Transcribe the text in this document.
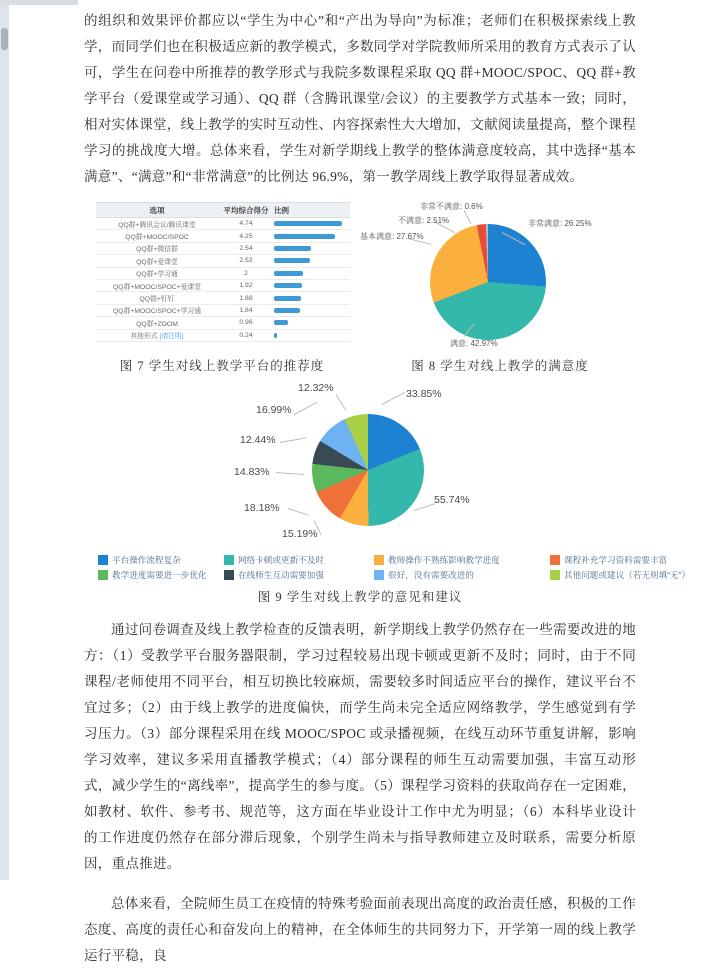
的组织和效果评价都应以“学生为中心”和“产出为导向”为标准；老师们在积极探索线上教学，而同学们也在积极适应新的教学模式，多数同学对学院教师所采用的教育方式表示了认可，学生在问卷中所推荐的教学形式与我院多数课程采取 QQ 群+MOOC/SPOC、QQ 群+教学平台（爱课堂或学习通）、QQ 群（含腾讯课堂/会议）的主要教学方式基本一致；同时，相对实体课堂，线上教学的实时互动性、内容探索性大大增加，文献阅读量提高，整个课程学习的挑战度大增。总体来看，学生对新学期线上教学的整体满意度较高，其中选择“基本满意”、“满意”和“非常满意”的比例达 96.9%，第一教学周线上教学取得显著成效。

选项	平均综合得分 比例
QQ群+腾讯会议/腾讯课堂	4.74
QQ群+MOOC/SPOC	4.25
QQ群+微信群	2.54
QQ群+爱课堂	2.52
QQ群+学习通	2
QQ群+MOOC/SPOC+爱课堂	1.92
QQ群+钉钉	1.88
QQ群+MOOC/SPOC+学习通	1.84
QQ群+ZOOM	0.96
其他形式 [请注明]	0.24
非常满意: 26.25%
满意: 42.97%
基本满意: 27.67%
不满意: 2.51%
非常不满意: 0.6%
图 7 学生对线上教学平台的推荐度	图 8 学生对线上教学的满意度
33.85%
55.74%
15.19%
18.18%
14.83%
12.44%
16.99%
12.32%
平台操作流程复杂	网络卡顿或更新不及时	教师操作不熟练影响教学进度	课程补充学习资料需要丰富
教学进度需要进一步优化	在线师生互动需要加强	很好，没有需要改进的	其他问题或建议（若无则填“无”）
图 9 学生对线上教学的意见和建议

通过问卷调查及线上教学检查的反馈表明，新学期线上教学仍然存在一些需要改进的地方：（1）受教学平台服务器限制，学习过程较易出现卡顿或更新不及时；同时，由于不同课程/老师使用不同平台，相互切换比较麻烦，需要较多时间适应平台的操作，建议平台不宜过多；（2）由于线上教学的进度偏快，而学生尚未完全适应网络教学，学生感觉到有学习压力。（3）部分课程采用在线 MOOC/SPOC 或录播视频，在线互动环节重复讲解，影响学习效率，建议多采用直播教学模式；（4）部分课程的师生互动需要加强，丰富互动形式，减少学生的“离线率”，提高学生的参与度。（5）课程学习资料的获取尚存在一定困难，如教材、软件、参考书、规范等，这方面在毕业设计工作中尤为明显；（6）本科毕业设计的工作进度仍然存在部分滞后现象，个别学生尚未与指导教师建立及时联系，需要分析原因，重点推进。

总体来看，全院师生员工在疫情的特殊考验面前表现出高度的政治责任感，积极的工作态度、高度的责任心和奋发向上的精神，在全体师生的共同努力下，开学第一周的线上教学运行平稳，良
